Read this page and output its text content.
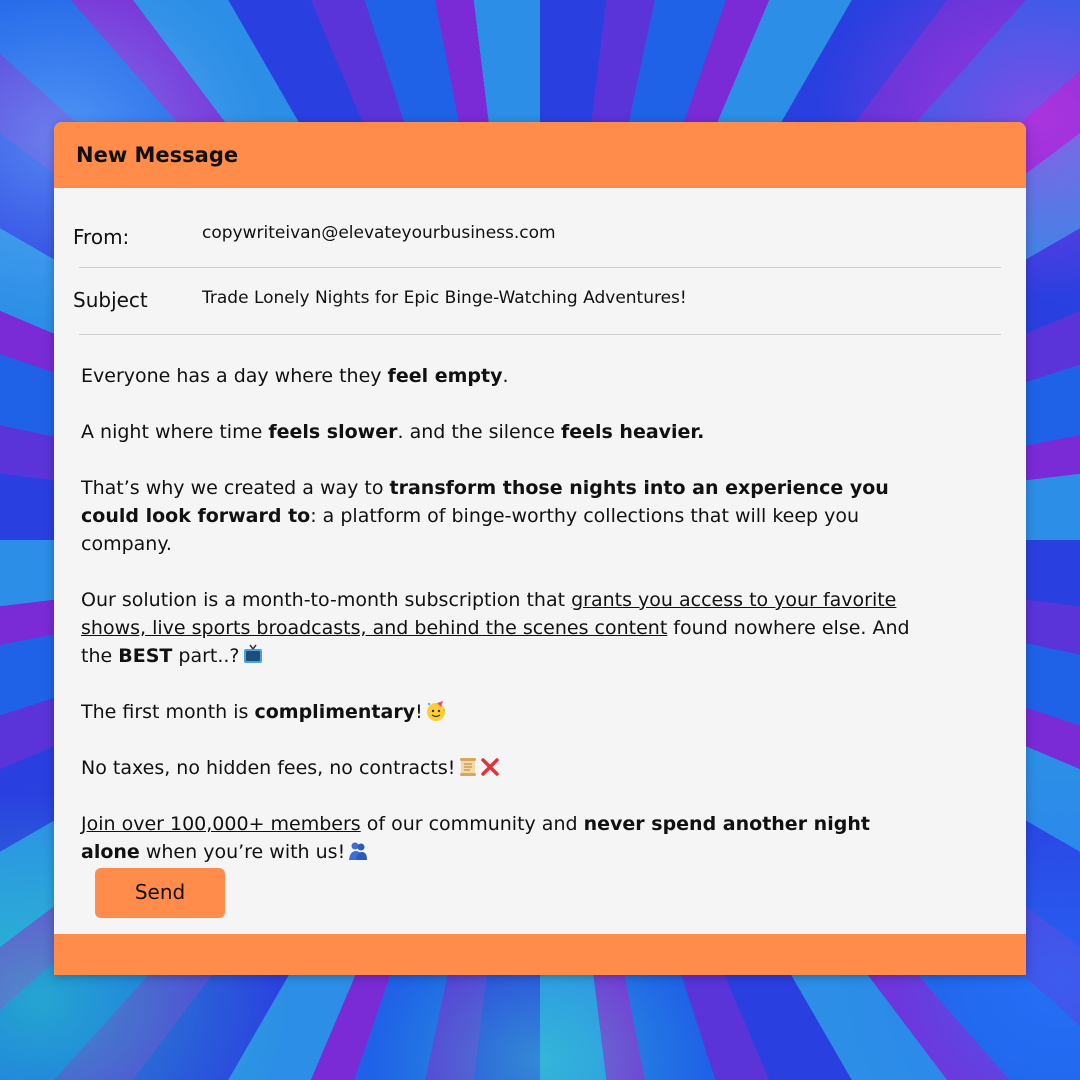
New Message
From:	copywriteivan@elevateyourbusiness.com
Subject	Trade Lonely Nights for Epic Binge-Watching Adventures!

Everyone has a day where they feel empty.

A night where time feels slower. and the silence feels heavier.

That’s why we created a way to transform those nights into an experience you could look forward to: a platform of binge-worthy collections that will keep you company.

Our solution is a month-to-month subscription that grants you access to your favorite shows, live sports broadcasts, and behind the scenes content found nowhere else. And the BEST part..?

The first month is complimentary!

No taxes, no hidden fees, no contracts!

Join over 100,000+ members of our community and never spend another night alone when you’re with us!

Send
